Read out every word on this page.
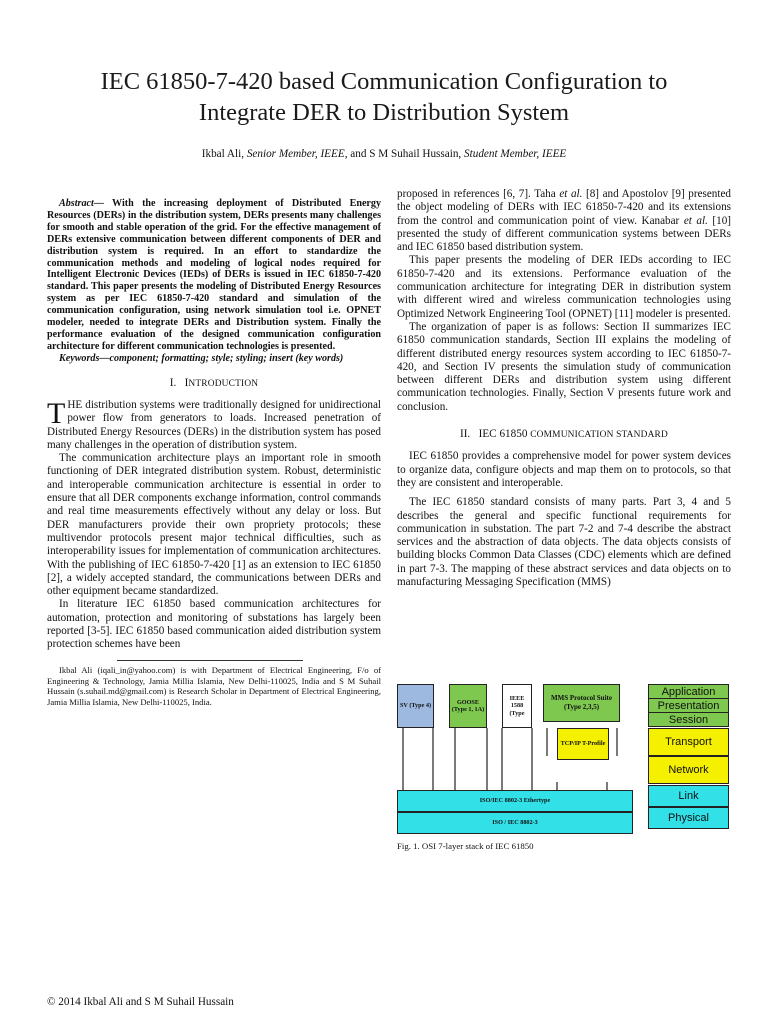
IEC 61850-7-420 based Communication Configuration to
Integrate DER to Distribution System
Ikbal Ali, Senior Member, IEEE, and S M Suhail Hussain, Student Member, IEEE

Abstract— With the increasing deployment of Distributed Energy Resources (DERs) in the distribution system, DERs presents many challenges for smooth and stable operation of the grid. For the effective management of DERs extensive communication between different components of DER and distribution system is required. In an effort to standardize the communication methods and modeling of logical nodes required for Intelligent Electronic Devices (IEDs) of DERs is issued in IEC 61850-7-420 standard. This paper presents the modeling of Distributed Energy Resources system as per IEC 61850-7-420 standard and simulation of the communication configuration, using network simulation tool i.e. OPNET modeler, needed to integrate DERs and Distribution system. Finally the performance evaluation of the designed communication configuration architecture for different communication technologies is presented.

Keywords—component; formatting; style; styling; insert (key words)

I. INTRODUCTION

THE distribution systems were traditionally designed for unidirectional power flow from generators to loads. Increased penetration of Distributed Energy Resources (DERs) in the distribution system has posed many challenges in the operation of distribution system.

The communication architecture plays an important role in smooth functioning of DER integrated distribution system. Robust, deterministic and interoperable communication architecture is essential in order to ensure that all DER components exchange information, control commands and real time measurements effectively without any delay or loss. But DER manufacturers provide their own propriety protocols; these multivendor protocols present major technical difficulties, such as interoperability issues for implementation of communication architectures. With the publishing of IEC 61850-7-420 [1] as an extension to IEC 61850 [2], a widely accepted standard, the communications between DERs and other equipment became standardized.

In literature IEC 61850 based communication architectures for automation, protection and monitoring of substations has largely been reported [3-5]. IEC 61850 based communication aided distribution system protection schemes have been

Ikbal Ali (iqali_in@yahoo.com) is with Department of Electrical Engineering, F/o of Engineering & Technology, Jamia Millia Islamia, New Delhi-110025, India and S M Suhail Hussain (s.suhail.md@gmail.com) is Research Scholar in Department of Electrical Engineering, Jamia Millia Islamia, New Delhi-110025, India.

proposed in references [6, 7]. Taha et al. [8] and Apostolov [9] presented the object modeling of DERs with IEC 61850-7-420 and its extensions from the control and communication point of view. Kanabar et al. [10] presented the study of different communication systems between DERs and IEC 61850 based distribution system.

This paper presents the modeling of DER IEDs according to IEC 61850-7-420 and its extensions. Performance evaluation of the communication architecture for integrating DER in distribution system with different wired and wireless communication technologies using Optimized Network Engineering Tool (OPNET) [11] modeler is presented.

The organization of paper is as follows: Section II summarizes IEC 61850 communication standards, Section III explains the modeling of different distributed energy resources system according to IEC 61850-7-420, and Section IV presents the simulation study of communication between different DERs and distribution system using different communication technologies. Finally, Section V presents future work and conclusion.

II. IEC 61850 COMMUNICATION STANDARD

IEC 61850 provides a comprehensive model for power system devices to organize data, configure objects and map them on to protocols, so that they are consistent and interoperable.

The IEC 61850 standard consists of many parts. Part 3, 4 and 5 describes the general and specific functional requirements for communication in substation. The part 7-2 and 7-4 describe the abstract services and the abstraction of data objects. The data objects consists of building blocks Common Data Classes (CDC) elements which are defined in part 7-3. The mapping of these abstract services and data objects on to manufacturing Messaging Specification (MMS)

SV (Type 4)
GOOSE (Type 1, 1A)
IEEE 1588 (Type
MMS Protocol Suite (Type 2,3,5)
TCP/IP T-Profile
ISO/IEC 8802-3 Ethertype
ISO / IEC 8802-3
Application
Presentation
Session
Transport
Network
Link
Physical
Fig. 1. OSI 7-layer stack of IEC 61850
© 2014 Ikbal Ali and S M Suhail Hussain
